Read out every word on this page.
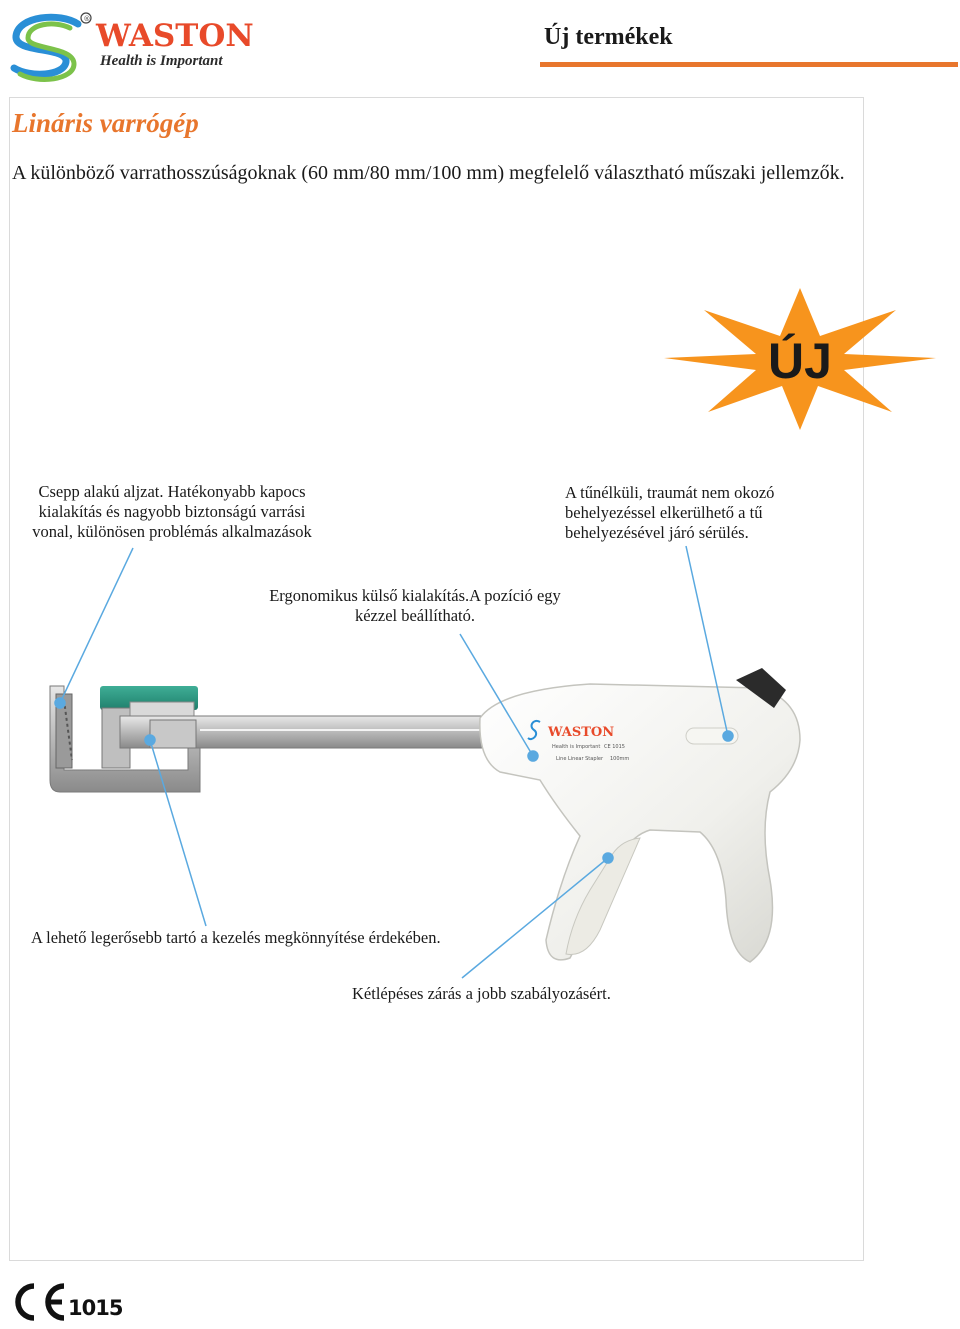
® WASTON
Health is Important
Új termékek
Lináris varrógép
A különböző varrathosszúságoknak (60 mm/80 mm/100 mm) megfelelő választható műszaki jellemzők.
ÚJ
Csepp alakú aljzat. Hatékonyabb kapocs
kialakítás és nagyobb biztonságú varrási
vonal, különösen problémás alkalmazások
A tűnélküli, traumát nem okozó
behelyezéssel elkerülhető a tű
behelyezésével járó sérülés.
Ergonomikus külső kialakítás.A pozíció egy
kézzel beállítható.
A lehető legerősebb tartó a kezelés megkönnyítése érdekében.
Kétlépéses zárás a jobb szabályozásért.
WASTON
Health is Important CE 1015
Line Linear Stapler 100mm
1015
